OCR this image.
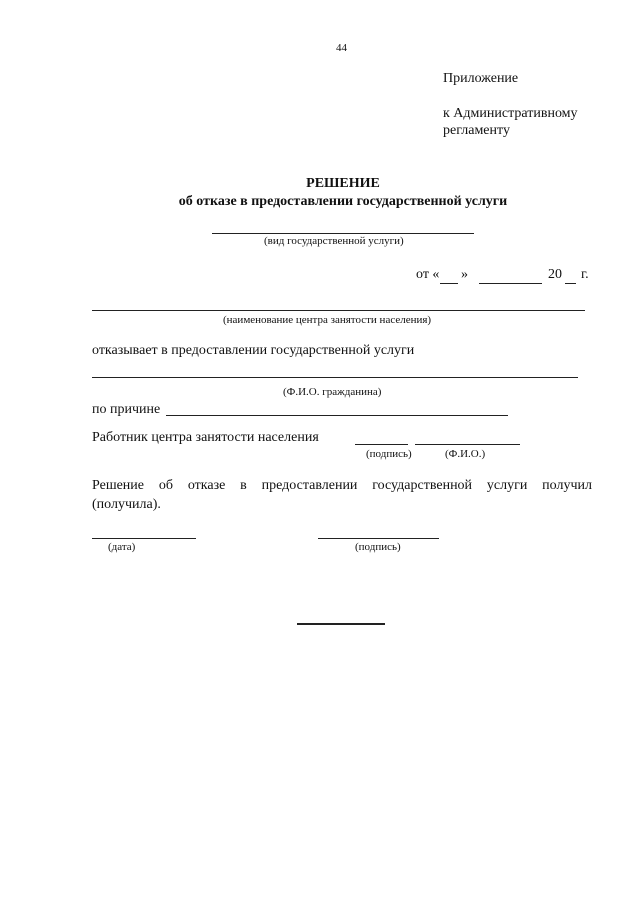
44
Приложение
к Административному
регламенту
РЕШЕНИЕ
об отказе в предоставлении государственной услуги
(вид государственной услуги)
от « »	20 г.
(наименование центра занятости населения)
отказывает в предоставлении государственной услуги
(Ф.И.О. гражданина)
по причине
Работник центра занятости населения
(подпись)	(Ф.И.О.)
Решение об отказе в предоставлении государственной услуги получил (получила).
(дата)	(подпись)
